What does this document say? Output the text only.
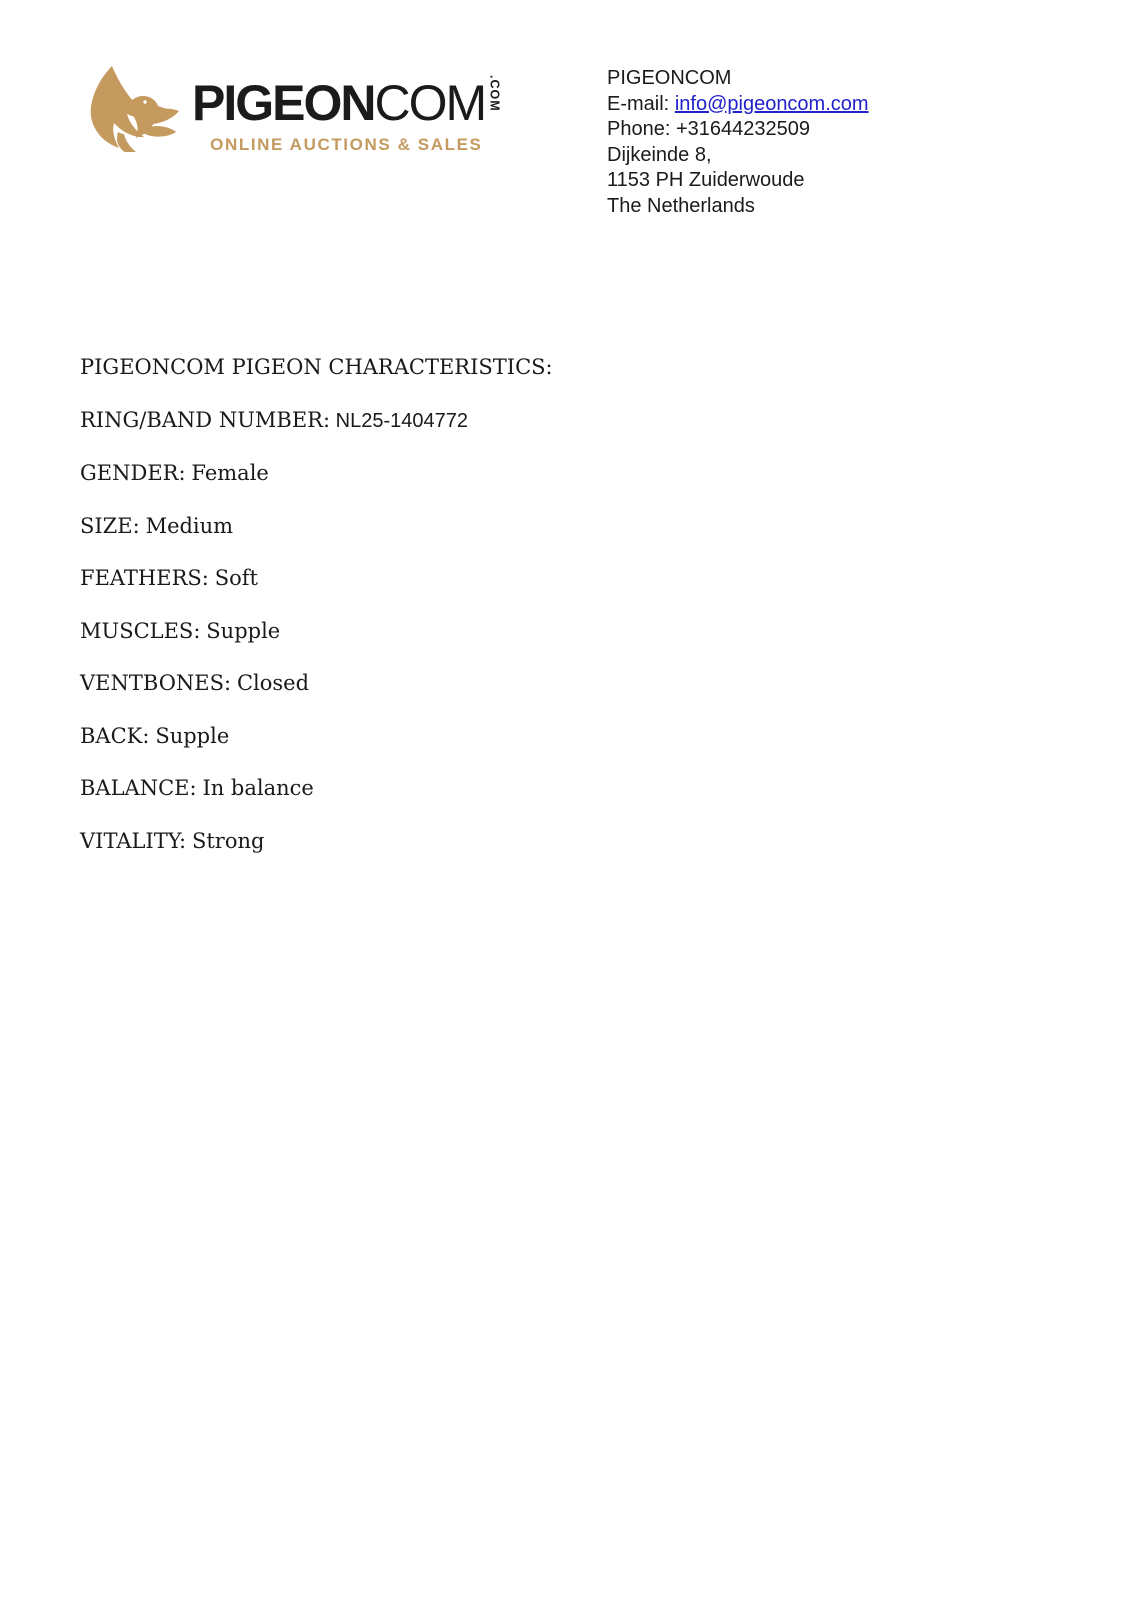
PIGEON COM .COM
ONLINE AUCTIONS & SALES
PIGEONCOM
E-mail: info@pigeoncom.com
Phone: +31644232509
Dijkeinde 8,
1153 PH Zuiderwoude
The Netherlands

PIGEONCOM PIGEON CHARACTERISTICS:

RING/BAND NUMBER: NL25-1404772

GENDER: Female

SIZE: Medium

FEATHERS: Soft

MUSCLES: Supple

VENTBONES: Closed

BACK: Supple

BALANCE: In balance

VITALITY: Strong
